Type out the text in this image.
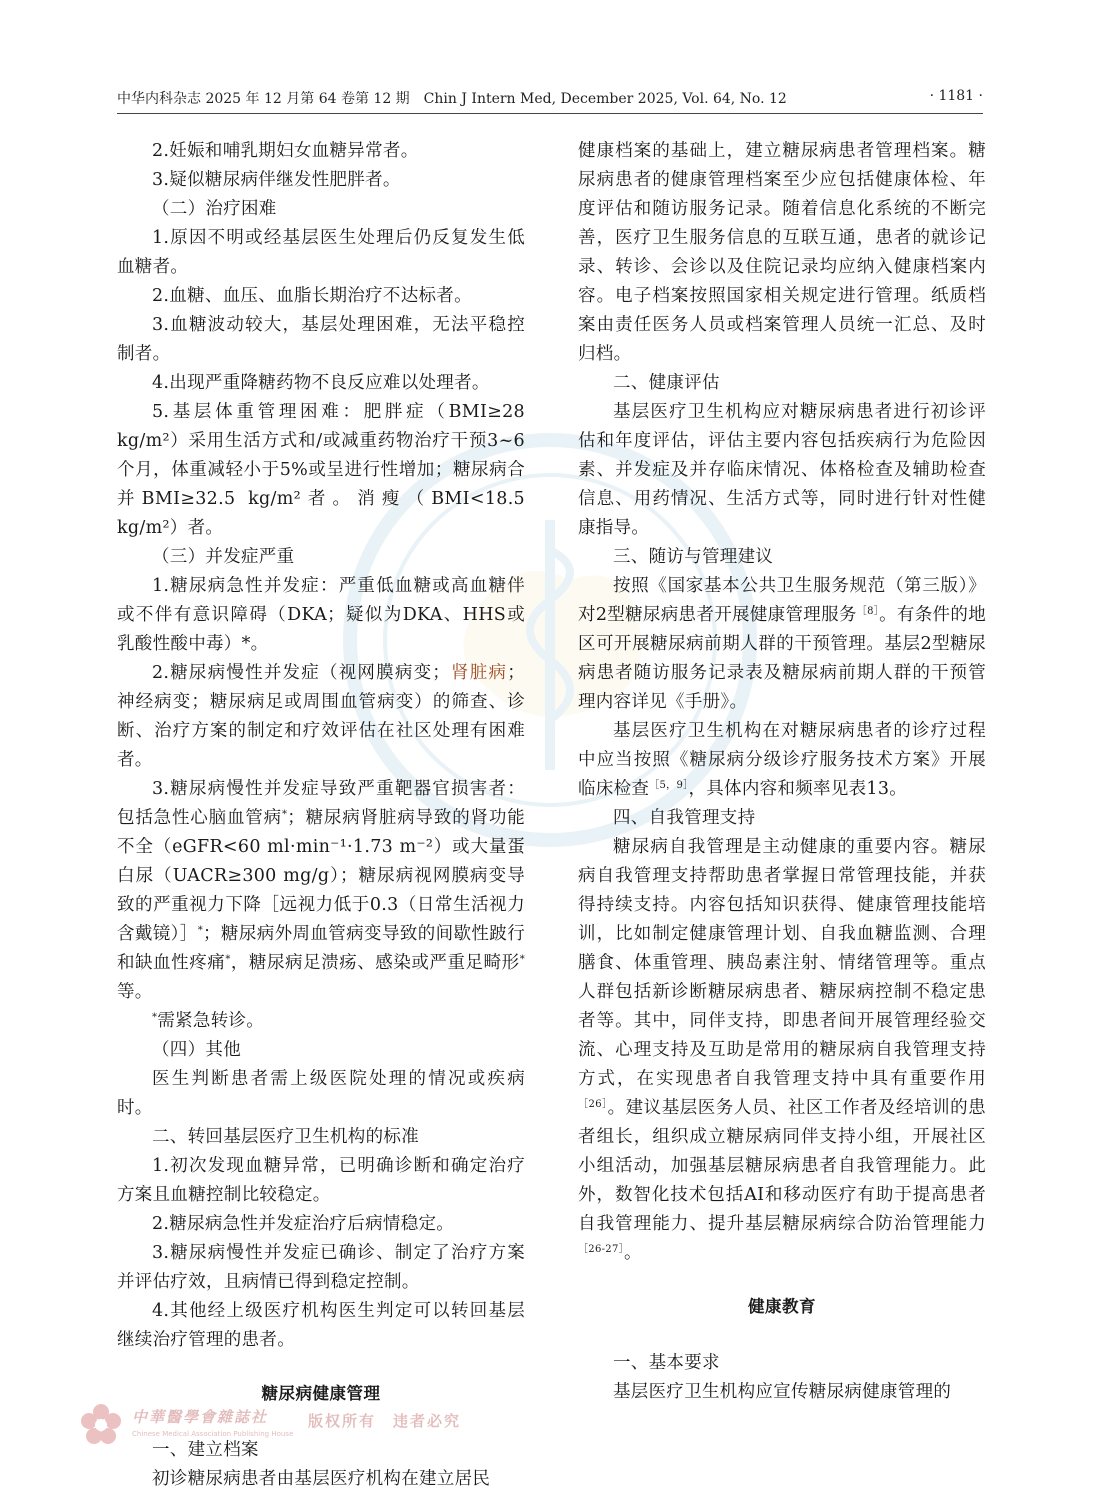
中华内科杂志 2025 年 12 月第 64 卷第 12 期　Chin J Intern Med, December 2025, Vol. 64, No. 12	· 1181 ·

2.妊娠和哺乳期妇女血糖异常者。

3.疑似糖尿病伴继发性肥胖者。

（二）治疗困难

1.原因不明或经基层医生处理后仍反复发生低血糖者。

2.血糖、血压、血脂长期治疗不达标者。

3.血糖波动较大，基层处理困难，无法平稳控制者。

4.出现严重降糖药物不良反应难以处理者。

5.基层体重管理困难：肥胖症（BMI≥28 kg/m²）采用生活方式和/或减重药物治疗干预3~6个月，体重减轻小于5%或呈进行性增加；糖尿病合并BMI≥32.5 kg/m²者。消瘦（BMI<18.5 kg/m²）者。

（三）并发症严重

1.糖尿病急性并发症：严重低血糖或高血糖伴或不伴有意识障碍（DKA；疑似为DKA、HHS或乳酸性酸中毒）*。

2.糖尿病慢性并发症（视网膜病变；肾脏病；神经病变；糖尿病足或周围血管病变）的筛查、诊断、治疗方案的制定和疗效评估在社区处理有困难者。

3.糖尿病慢性并发症导致严重靶器官损害者：包括急性心脑血管病*；糖尿病肾脏病导致的肾功能不全（eGFR<60 ml·min⁻¹·1.73 m⁻²）或大量蛋白尿（UACR≥300 mg/g）；糖尿病视网膜病变导致的严重视力下降［远视力低于0.3（日常生活视力含戴镜）］*；糖尿病外周血管病变导致的间歇性跛行和缺血性疼痛*，糖尿病足溃疡、感染或严重足畸形*等。

*需紧急转诊。

（四）其他

医生判断患者需上级医院处理的情况或疾病时。

二、转回基层医疗卫生机构的标准

1.初次发现血糖异常，已明确诊断和确定治疗方案且血糖控制比较稳定。

2.糖尿病急性并发症治疗后病情稳定。

3.糖尿病慢性并发症已确诊、制定了治疗方案并评估疗效，且病情已得到稳定控制。

4.其他经上级医疗机构医生判定可以转回基层继续治疗管理的患者。

糖尿病健康管理

一、建立档案

初诊糖尿病患者由基层医疗机构在建立居民

健康档案的基础上，建立糖尿病患者管理档案。糖尿病患者的健康管理档案至少应包括健康体检、年度评估和随访服务记录。随着信息化系统的不断完善，医疗卫生服务信息的互联互通，患者的就诊记录、转诊、会诊以及住院记录均应纳入健康档案内容。电子档案按照国家相关规定进行管理。纸质档案由责任医务人员或档案管理人员统一汇总、及时归档。

二、健康评估

基层医疗卫生机构应对糖尿病患者进行初诊评估和年度评估，评估主要内容包括疾病行为危险因素、并发症及并存临床情况、体格检查及辅助检查信息、用药情况、生活方式等，同时进行针对性健康指导。

三、随访与管理建议

按照《国家基本公共卫生服务规范（第三版）》对2型糖尿病患者开展健康管理服务$^{[8]}$。有条件的地区可开展糖尿病前期人群的干预管理。基层2型糖尿病患者随访服务记录表及糖尿病前期人群的干预管理内容详见《手册》。

基层医疗卫生机构在对糖尿病患者的诊疗过程中应当按照《糖尿病分级诊疗服务技术方案》开展临床检查$^{[5,9]}$，具体内容和频率见表13。

四、自我管理支持

糖尿病自我管理是主动健康的重要内容。糖尿病自我管理支持帮助患者掌握日常管理技能，并获得持续支持。内容包括知识获得、健康管理技能培训，比如制定健康管理计划、自我血糖监测、合理膳食、体重管理、胰岛素注射、情绪管理等。重点人群包括新诊断糖尿病患者、糖尿病控制不稳定患者等。其中，同伴支持，即患者间开展管理经验交流、心理支持及互助是常用的糖尿病自我管理支持方式，在实现患者自我管理支持中具有重要作用$^{[26]}$。建议基层医务人员、社区工作者及经培训的患者组长，组织成立糖尿病同伴支持小组，开展社区小组活动，加强基层糖尿病患者自我管理能力。此外，数智化技术包括AI和移动医疗有助于提高患者自我管理能力、提升基层糖尿病综合防治管理能力$^{[26-27]}$。

健康教育

一、基本要求

基层医疗卫生机构应宣传糖尿病健康管理的

中華醫學會雜誌社
Chinese Medical Association Publishing House
版权所有　违者必究
